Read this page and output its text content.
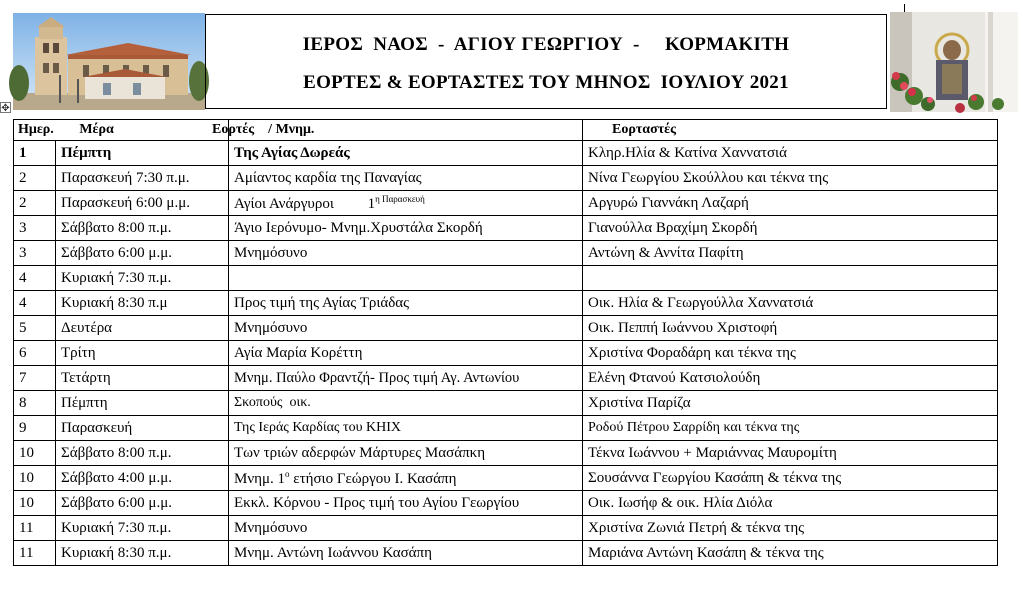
ΙΕΡΟΣ  ΝΑΟΣ  -  ΑΓΙΟΥ ΓΕΩΡΓΙΟΥ  -     ΚΟΡΜΑΚΙΤΗ
ΕΟΡΤΕΣ & ΕΟΡΤΑΣΤΕΣ ΤΟΥ ΜΗΝΟΣ  ΙΟΥΛΙΟΥ 2021
✥
Ημερ. Μέρα		Εορτές    / Μνημ.	Εορταστές
1	Πέμπτη	Της Αγίας Δωρεάς	Κληρ.Ηλία & Κατίνα Χαννατσιά
2	Παρασκευή 7:30 π.μ.	Αμίαντος καρδία της Παναγίας	Νίνα Γεωργίου Σκούλλου και τέκνα της
2	Παρασκευή 6:00 μ.μ.	Αγίοι Ανάργυροι $1^{\eta \Pi\alpha\rho\alpha\sigma\kappa\varepsilon\upsilon ή}$	Αργυρώ Γιαννάκη Λαζαρή
3	Σάββατο 8:00 π.μ.	Άγιο Ιερόνυμο- Μνημ.Χρυστάλα Σκορδή	Γιανούλλα Βραχίμη Σκορδή
3	Σάββατο 6:00 μ.μ.	Μνημόσυνο	Αντώνη & Αννίτα Παφίτη
4	Κυριακή 7:30 π.μ.		
4	Κυριακή 8:30 π.μ	Προς τιμή της Αγίας Τριάδας	Οικ. Ηλία & Γεωργούλλα Χαννατσιά
5	Δευτέρα	Μνημόσυνο	Οικ. Πεππή Ιωάννου Χριστοφή
6	Τρίτη	Αγία Μαρία Κορέττη	Χριστίνα Φοραδάρη και τέκνα της
7	Τετάρτη	Μνημ. Παύλο Φραντζή- Προς τιμή Αγ. Αντωνίου	Ελένη Φτανού Κατσιολούδη
8	Πέμπτη	Σκοπούς  οικ.	Χριστίνα Παρίζα
9	Παρασκευή	Της Ιεράς Καρδίας του ΚΗΙΧ	Ροδού Πέτρου Σαρρίδη και τέκνα της
10	Σάββατο 8:00 π.μ.	Των τριών αδερφών Μάρτυρες Μασάπκη	Τέκνα Ιωάννου + Μαριάννας Μαυρομίτη
10	Σάββατο 4:00 μ.μ.	Μνημ. $1^o$ ετήσιο Γεώργου Ι. Κασάπη	Σουσάννα Γεωργίου Κασάπη & τέκνα της
10	Σάββατο 6:00 μ.μ.	Εκκλ. Κόρνου - Προς τιμή του Αγίου Γεωργίου	Οικ. Ιωσήφ & οικ. Ηλία Διόλα
11	Κυριακή 7:30 π.μ.	Μνημόσυνο	Χριστίνα Ζωνιά Πετρή & τέκνα της
11	Κυριακή 8:30 π.μ.	Μνημ. Αντώνη Ιωάννου Κασάπη	Μαριάνα Αντώνη Κασάπη & τέκνα της
